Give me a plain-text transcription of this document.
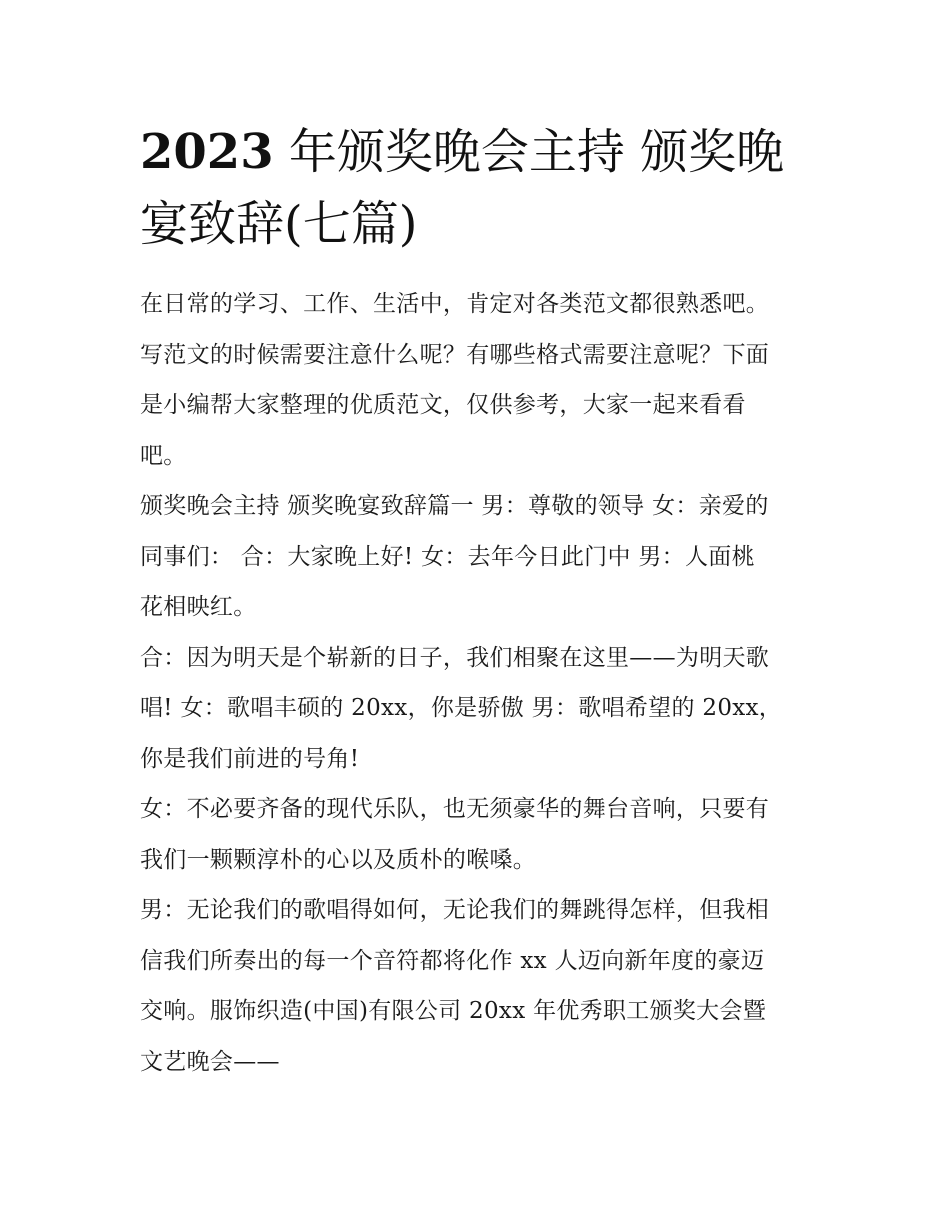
2023 年颁奖晚会主持 颁奖晚
宴致辞(七篇)

在日常的学习、工作、生活中，肯定对各类范文都很熟悉吧。
写范文的时候需要注意什么呢？有哪些格式需要注意呢？下面
是小编帮大家整理的优质范文，仅供参考，大家一起来看看
吧。

颁奖晚会主持 颁奖晚宴致辞篇一 男：尊敬的领导 女：亲爱的
同事们： 合：大家晚上好! 女：去年今日此门中 男：人面桃
花相映红。

合：因为明天是个崭新的日子，我们相聚在这里——为明天歌
唱! 女：歌唱丰硕的 20xx，你是骄傲 男：歌唱希望的 20xx，
你是我们前进的号角!

女：不必要齐备的现代乐队，也无须豪华的舞台音响，只要有
我们一颗颗淳朴的心以及质朴的喉嗓。

男：无论我们的歌唱得如何，无论我们的舞跳得怎样，但我相
信我们所奏出的每一个音符都将化作 xx 人迈向新年度的豪迈
交响。服饰织造(中国)有限公司 20xx 年优秀职工颁奖大会暨
文艺晚会——
